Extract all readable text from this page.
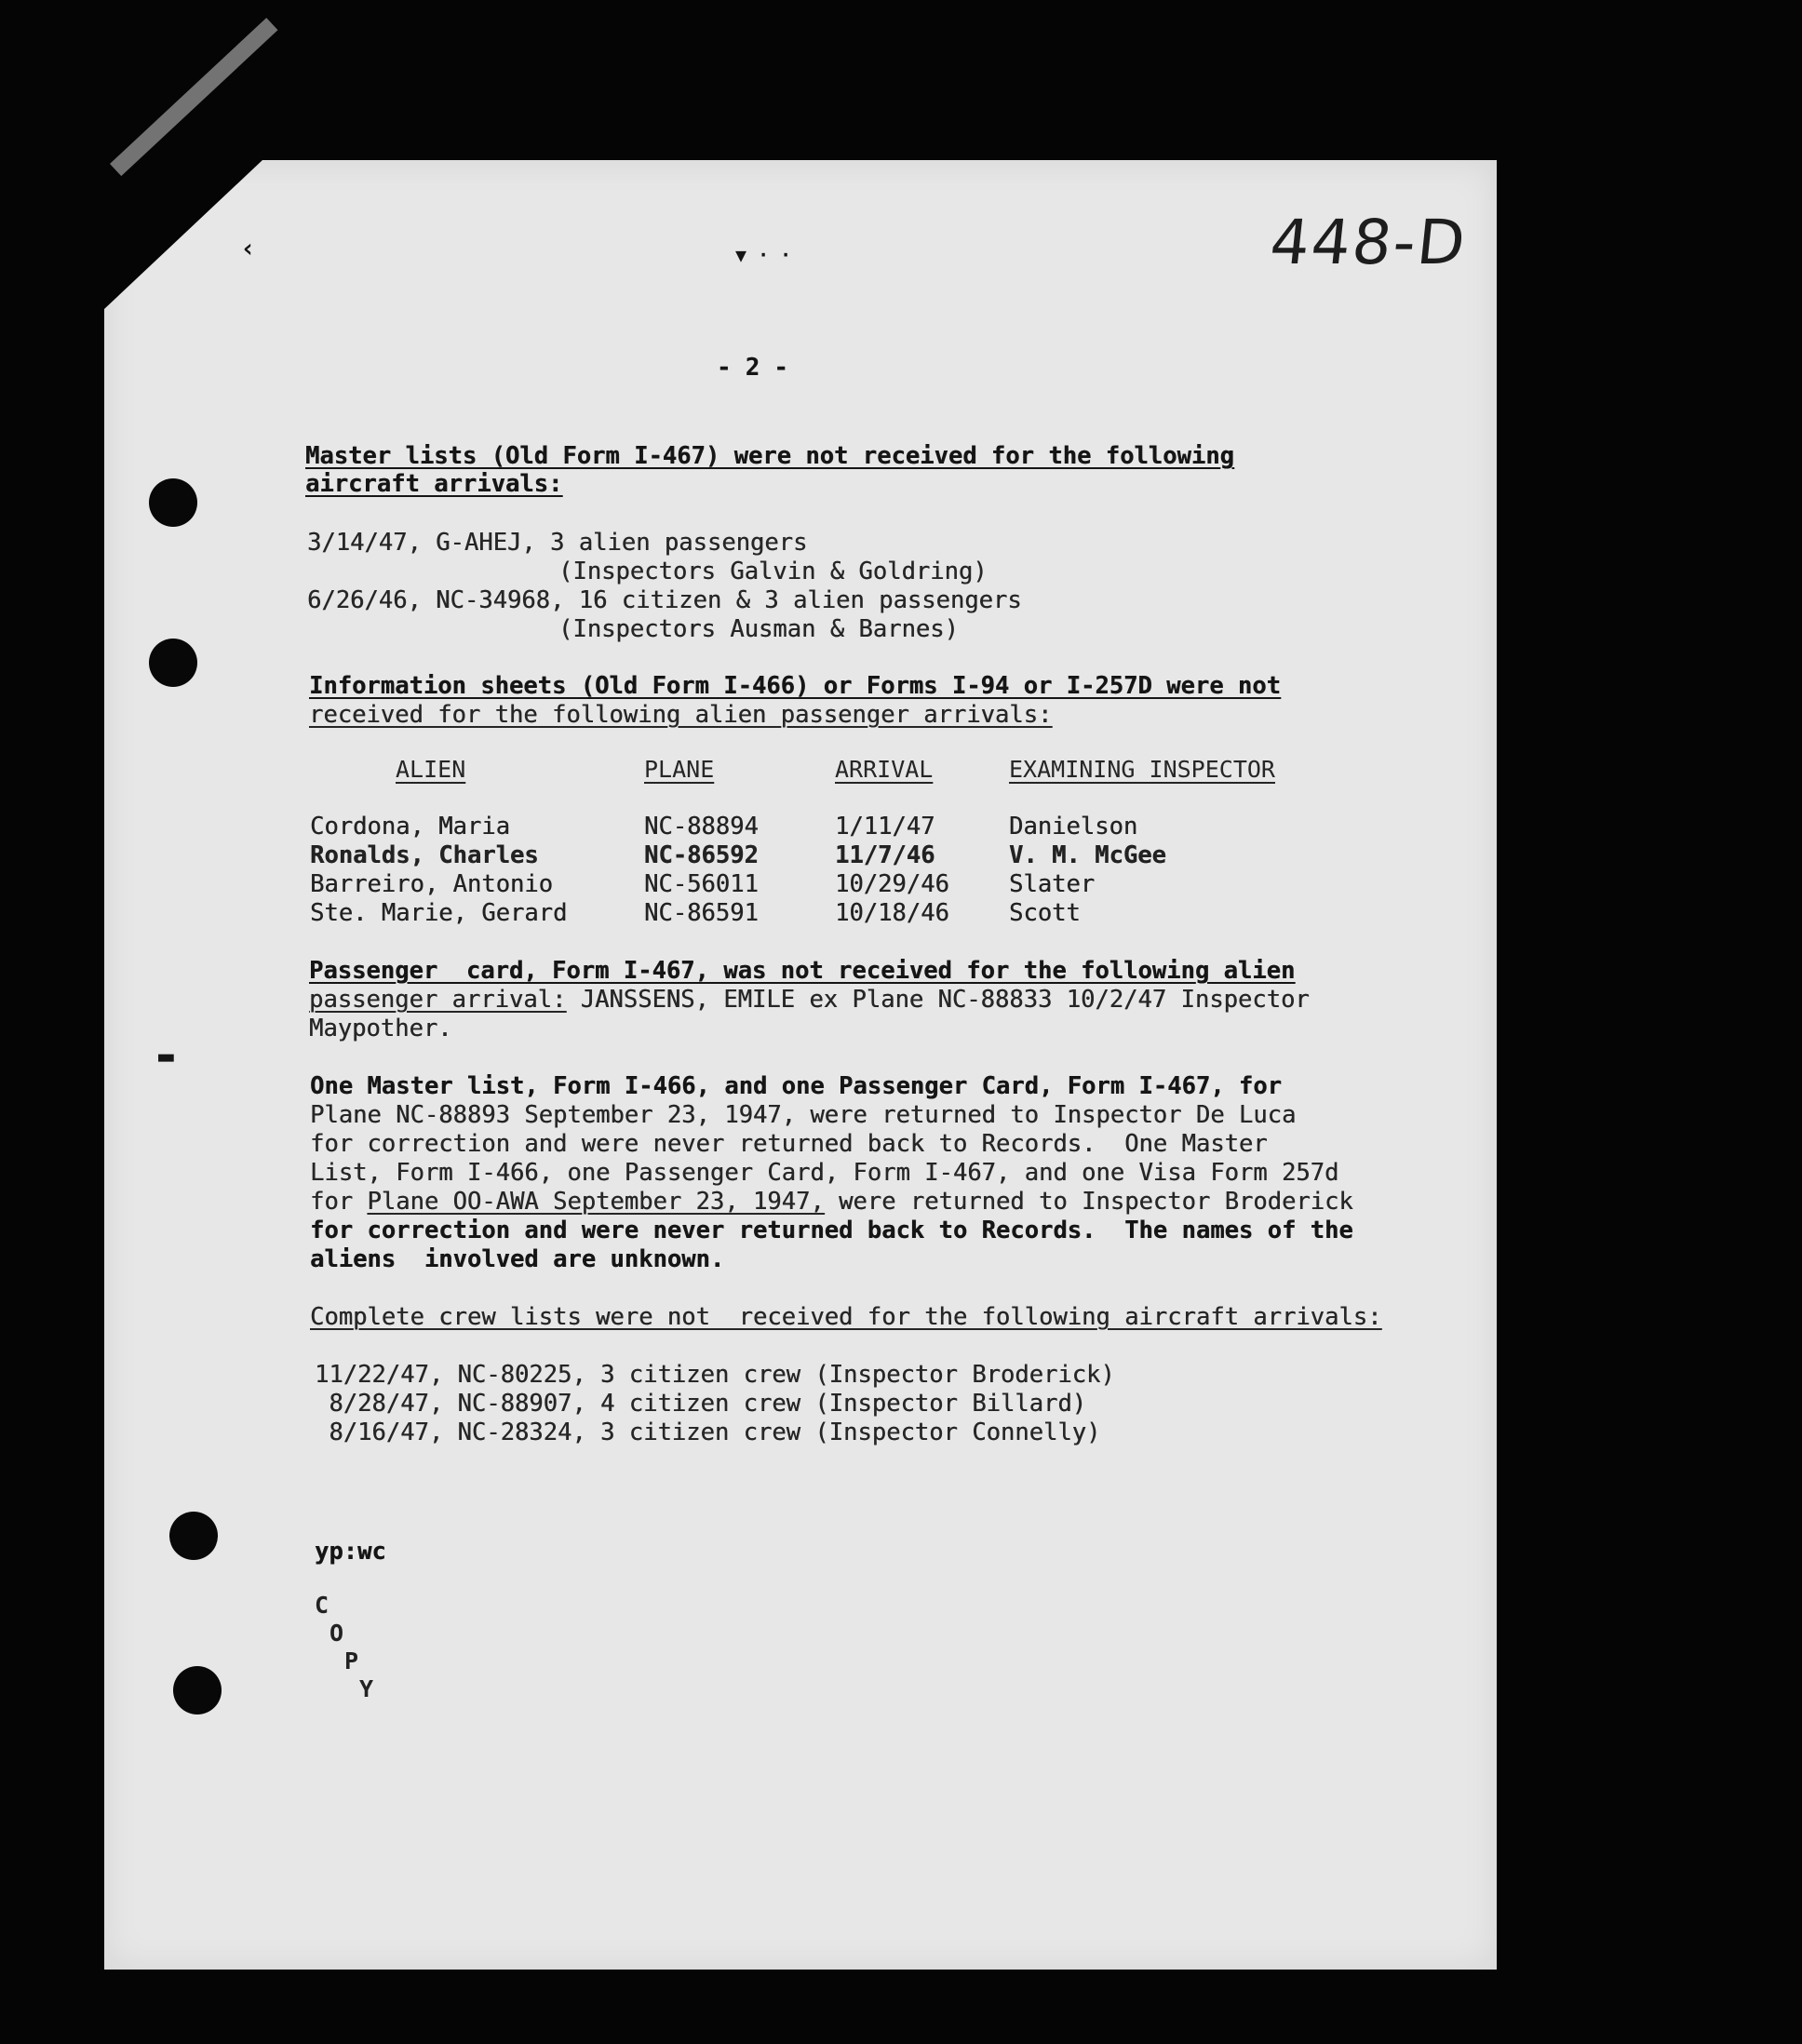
▬
‹	▼ · ·	448-D
- 2 -
Master lists (Old Form I-467) were not received for the following
aircraft arrivals:
3/14/47, G-AHEJ, 3 alien passengers
(Inspectors Galvin & Goldring)
6/26/46, NC-34968, 16 citizen & 3 alien passengers
(Inspectors Ausman & Barnes)
Information sheets (Old Form I-466) or Forms I-94 or I-257D were not
received for the following alien passenger arrivals:
ALIEN	PLANE	ARRIVAL	EXAMINING INSPECTOR
Cordona, Maria	NC-88894	1/11/47	Danielson
Ronalds, Charles	NC-86592	11/7/46	V. M. McGee
Barreiro, Antonio	NC-56011	10/29/46	Slater
Ste. Marie, Gerard	NC-86591	10/18/46	Scott
Passenger  card, Form I-467, was not received for the following alien
passenger arrival: JANSSENS, EMILE ex Plane NC-88833 10/2/47 Inspector
Maypother.
One Master list, Form I-466, and one Passenger Card, Form I-467, for
Plane NC-88893 September 23, 1947, were returned to Inspector De Luca
for correction and were never returned back to Records.  One Master
List, Form I-466, one Passenger Card, Form I-467, and one Visa Form 257d
for Plane OO-AWA September 23, 1947, were returned to Inspector Broderick
for correction and were never returned back to Records.  The names of the
aliens  involved are unknown.
Complete crew lists were not  received for the following aircraft arrivals:
11/22/47, NC-80225, 3 citizen crew (Inspector Broderick)
8/28/47, NC-88907, 4 citizen crew (Inspector Billard)
8/16/47, NC-28324, 3 citizen crew (Inspector Connelly)
yp:wc
C
O
P
Y
